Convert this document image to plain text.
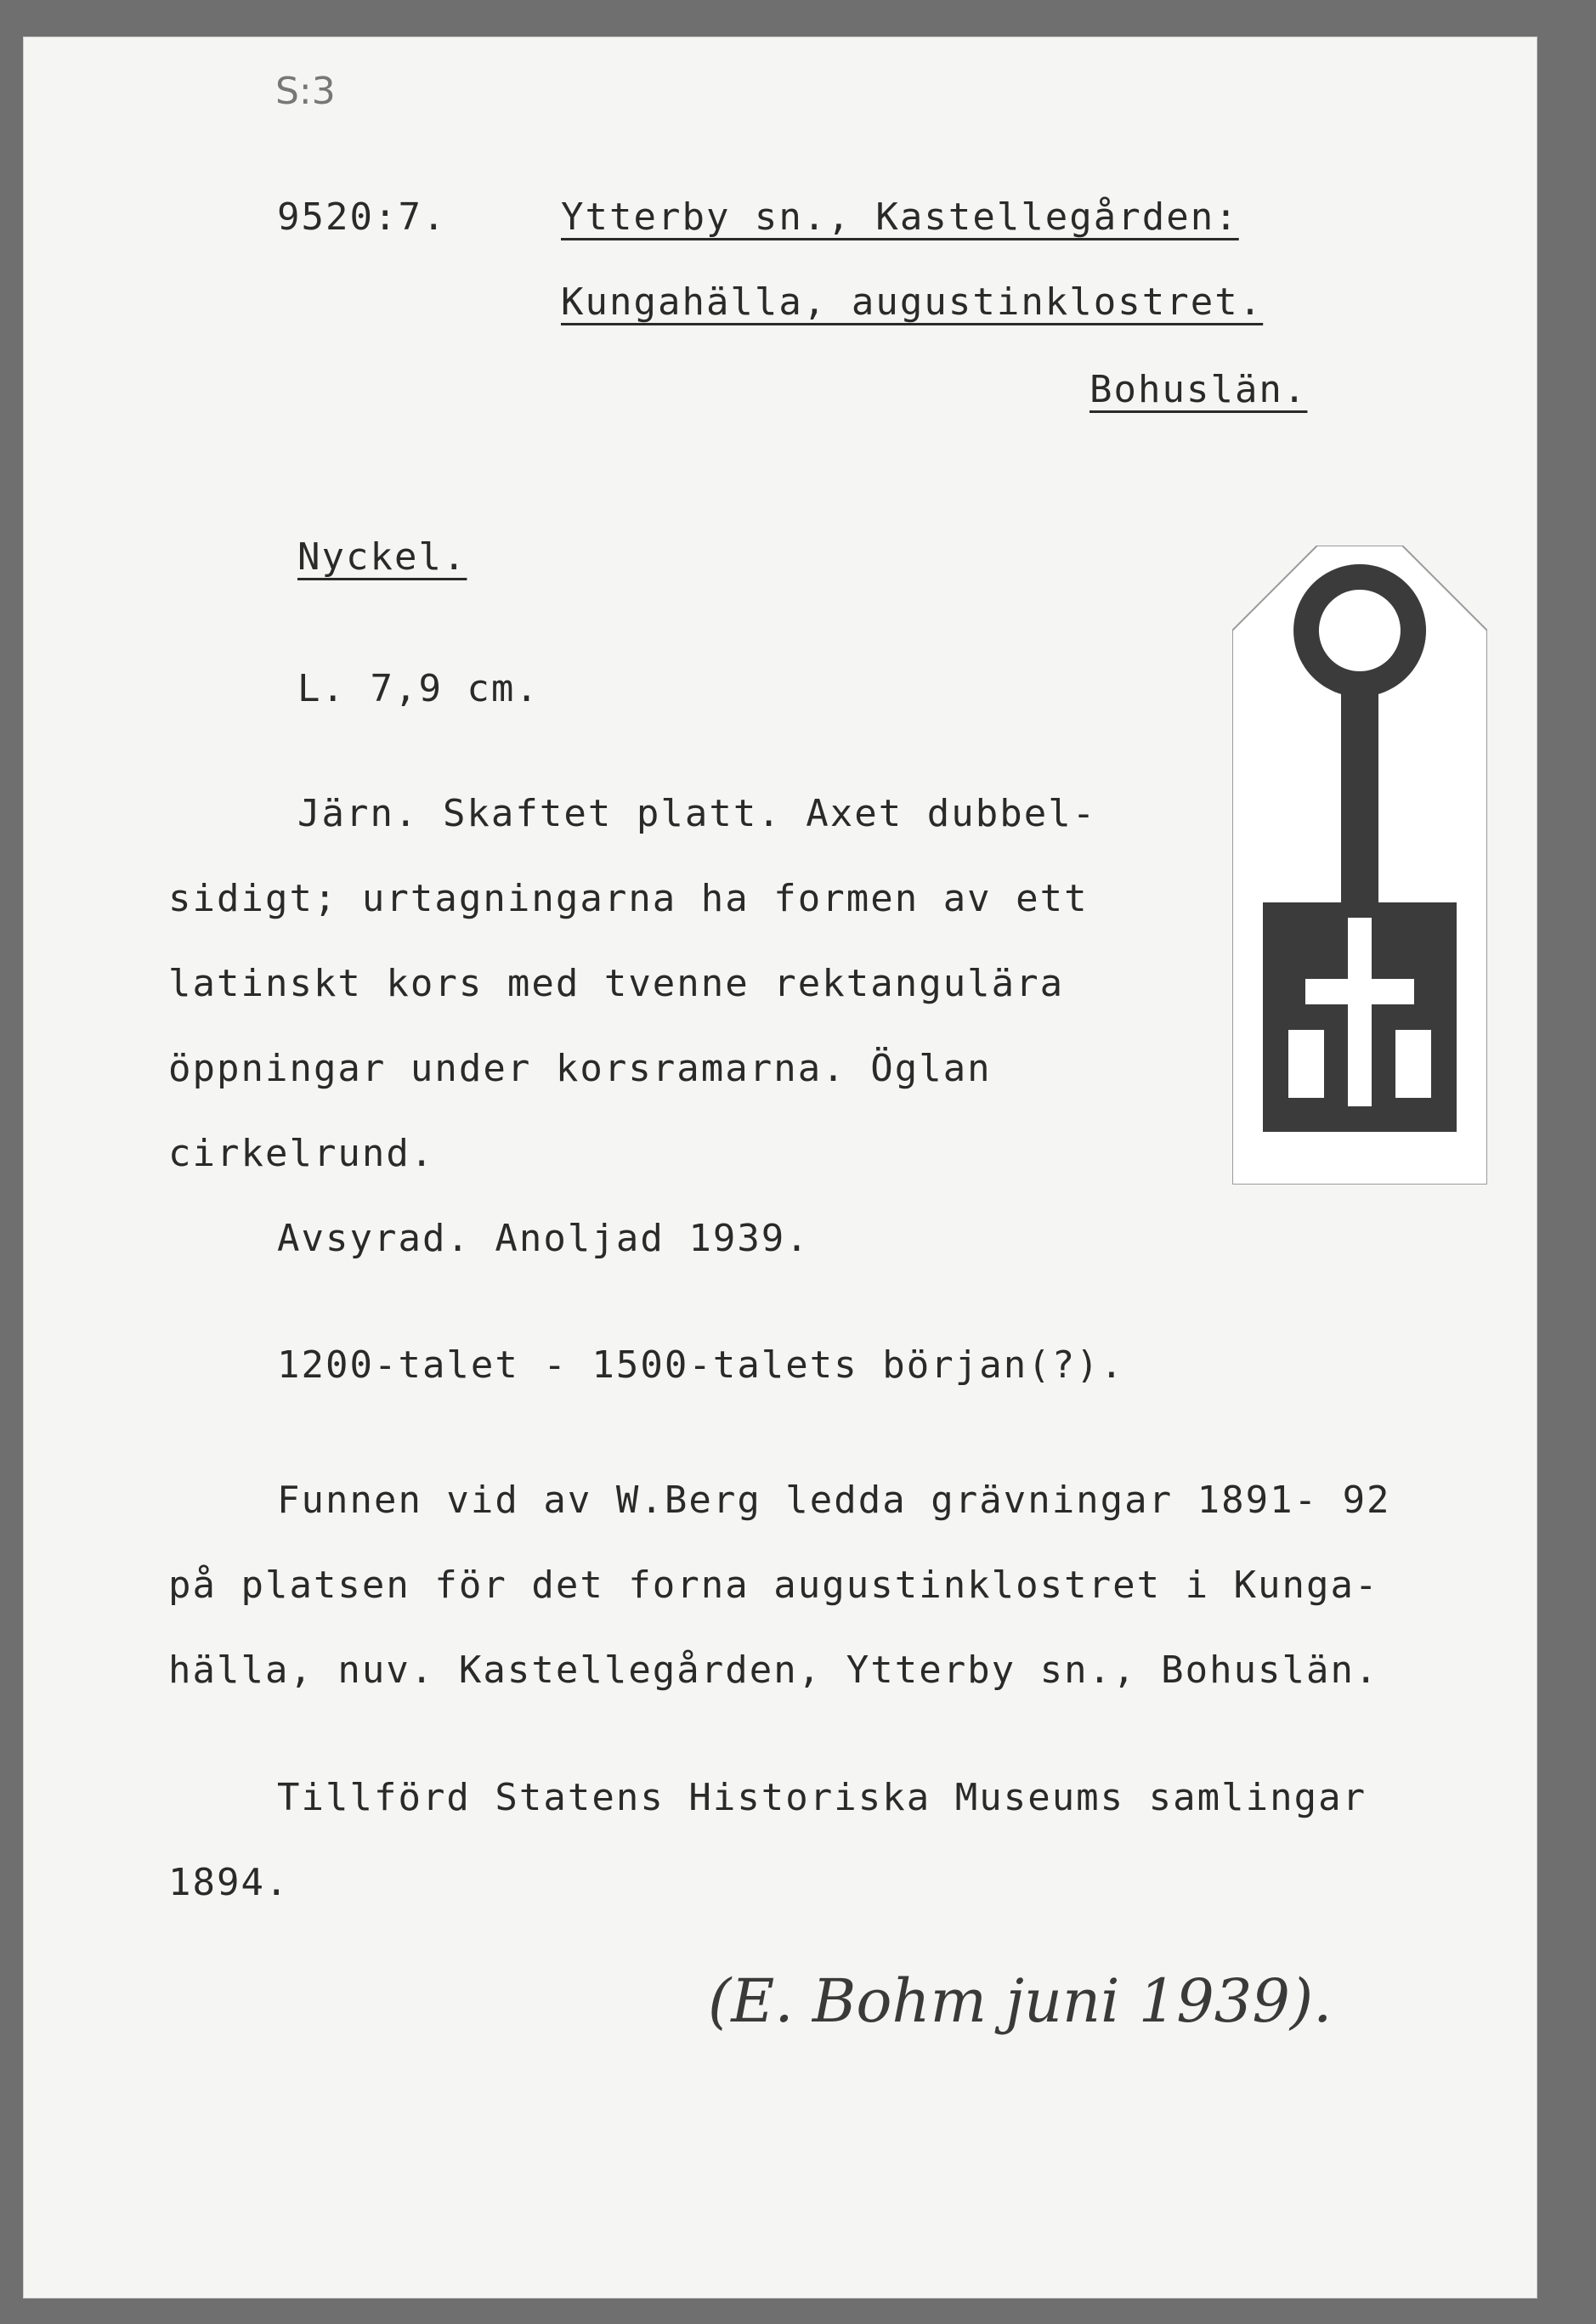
S:3
9520:7.	Ytterby sn., Kastellegården:
Kungahälla, augustinklostret.
Bohuslän.
Nyckel.
L. 7,9 cm.
Järn. Skaftet platt. Axet dubbel-
sidigt; urtagningarna ha formen av ett
latinskt kors med tvenne rektangulära
öppningar under korsramarna. Öglan
cirkelrund.
Avsyrad. Anoljad 1939.
1200-talet - 1500-talets början(?).
Funnen vid av W.Berg ledda grävningar 1891- 92
på platsen för det forna augustinklostret i Kunga-
hälla, nuv. Kastellegården, Ytterby sn., Bohuslän.
Tillförd Statens Historiska Museums samlingar
1894.
(E. Bohm juni 1939).
